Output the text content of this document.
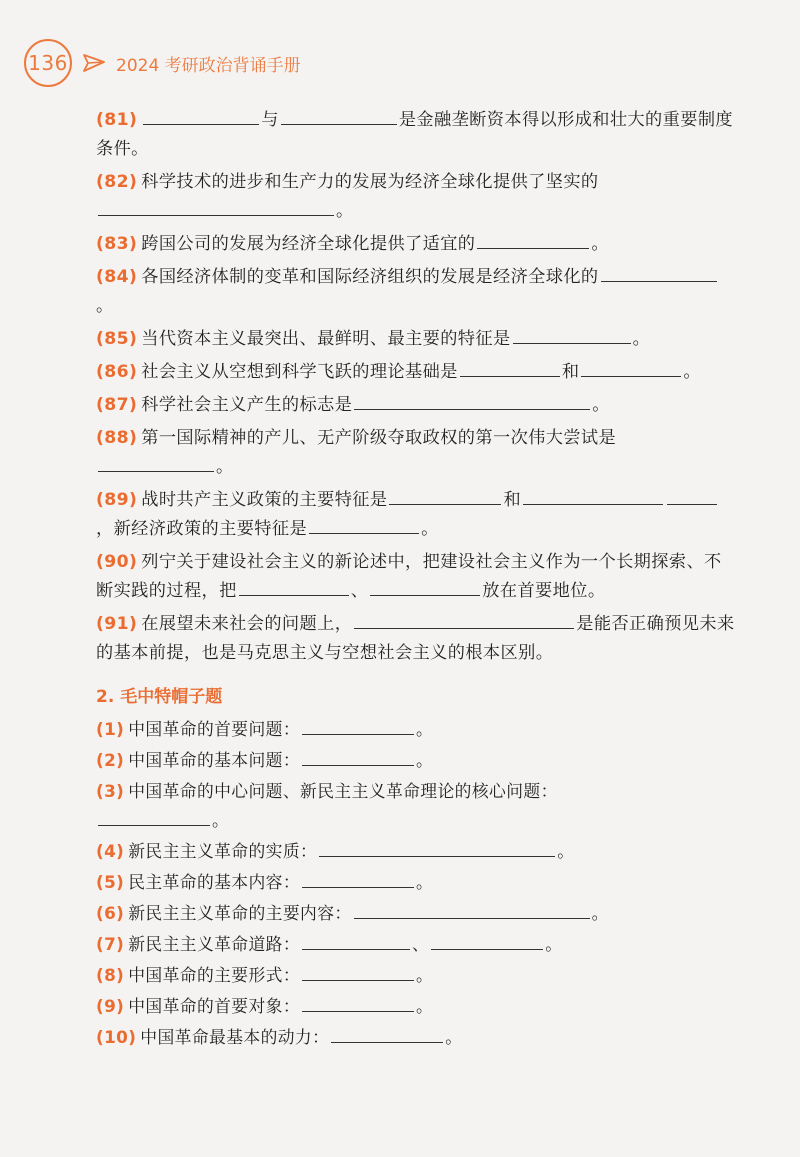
136	2024 考研政治背诵手册

(81)	与	是金融垄断资本得以形成和壮大的重要制度条件。

(82) 科学技术的进步和生产力的发展为经济全球化提供了坚实的。

(83) 跨国公司的发展为经济全球化提供了适宜的	。

(84) 各国经济体制的变革和国际经济组织的发展是经济全球化的。

(85) 当代资本主义最突出、最鲜明、最主要的特征是	。

(86) 社会主义从空想到科学飞跃的理论基础是	和	。

(87) 科学社会主义产生的标志是	。

(88) 第一国际精神的产儿、无产阶级夺取政权的第一次伟大尝试是。

(89) 战时共产主义政策的主要特征是	和，新经济政策的主要特征是	。

(90) 列宁关于建设社会主义的新论述中，把建设社会主义作为一个长期探索、不断实践的过程，把	、	放在首要地位。

(91) 在展望未来社会的问题上，	是能否正确预见未来的基本前提，也是马克思主义与空想社会主义的根本区别。

2. 毛中特帽子题

(1) 中国革命的首要问题：	。

(2) 中国革命的基本问题：	。

(3) 中国革命的中心问题、新民主主义革命理论的核心问题：
。

(4) 新民主主义革命的实质：	。

(5) 民主革命的基本内容：	。

(6) 新民主主义革命的主要内容：	。

(7) 新民主主义革命道路：	、	。

(8) 中国革命的主要形式：	。

(9) 中国革命的首要对象：	。

(10) 中国革命最基本的动力：	。
